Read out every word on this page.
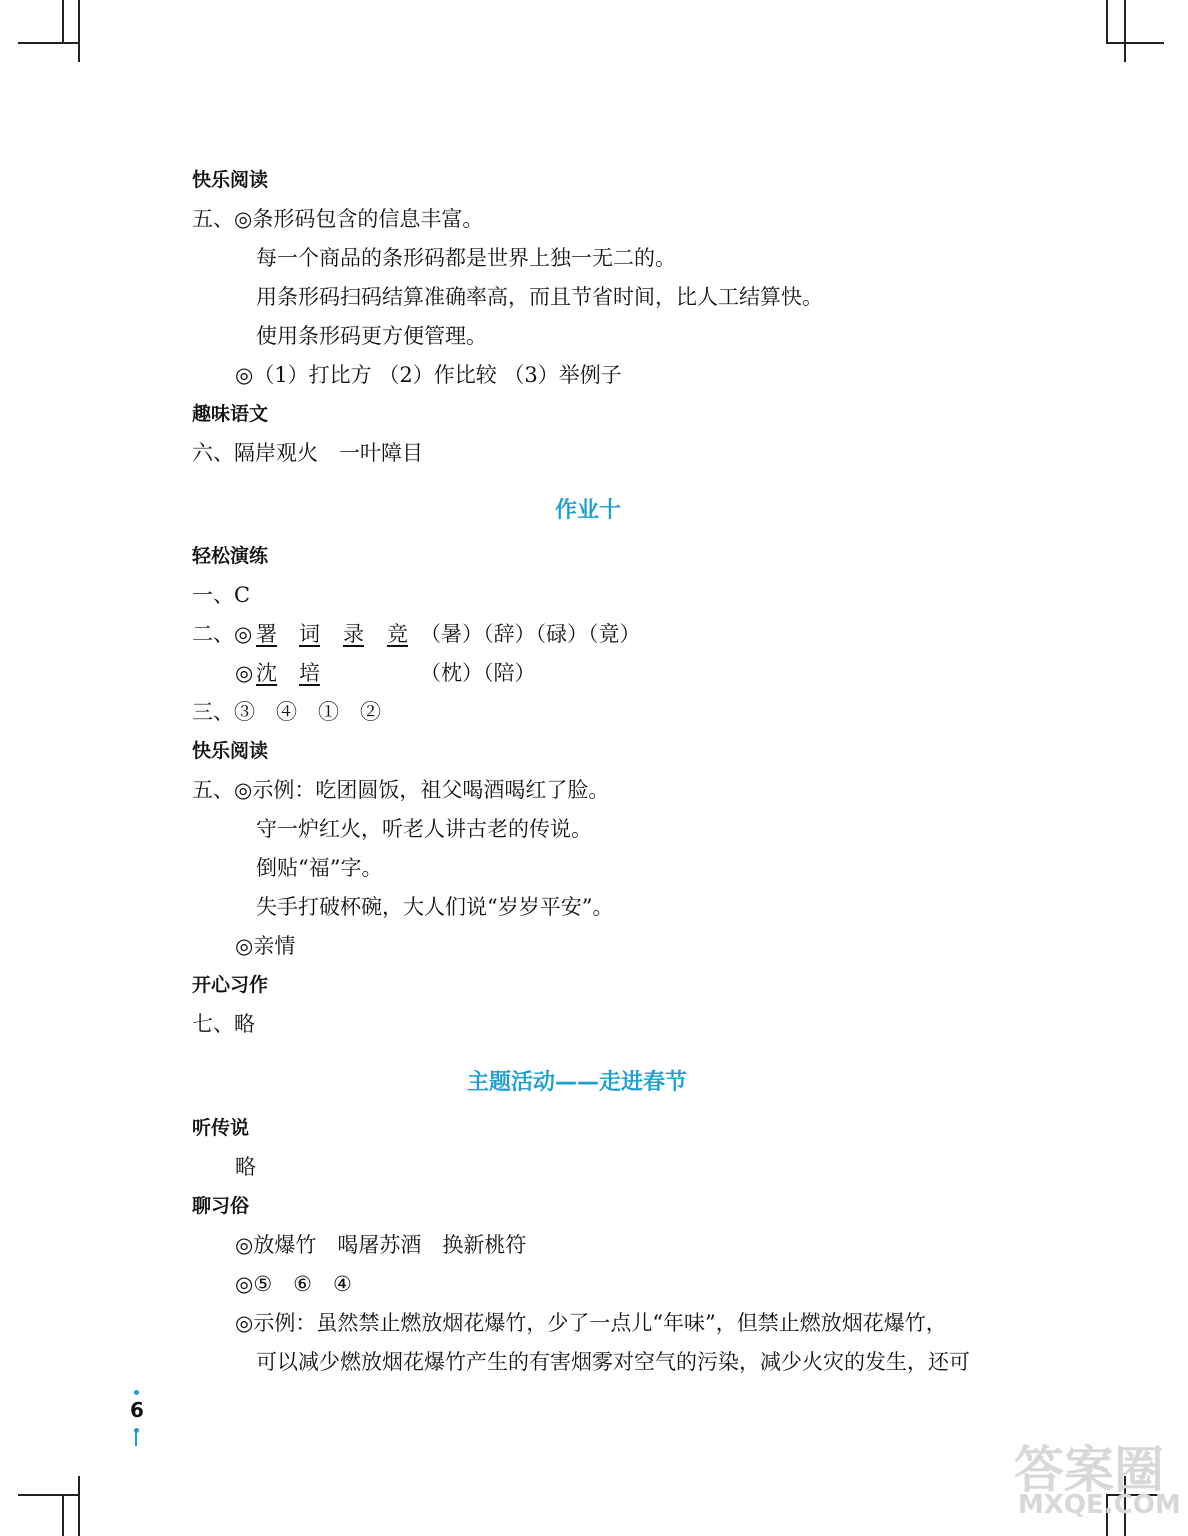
快乐阅读
五、◎条形码包含的信息丰富。
每一个商品的条形码都是世界上独一无二的。
用条形码扫码结算准确率高，而且节省时间，比人工结算快。
使用条形码更方便管理。
◎（1）打比方 （2）作比较 （3）举例子
趣味语文
六、隔岸观火　一叶障目
作业十
轻松演练
一、C
二、◎ 署 词 录 竞 （暑）（辞）（碌）（竟）
◎ 沈 培	（枕）（陪）
三、③　④　①　②
快乐阅读
五、◎示例：吃团圆饭，祖父喝酒喝红了脸。
守一炉红火，听老人讲古老的传说。
倒贴“福”字。
失手打破杯碗，大人们说“岁岁平安”。
◎亲情
开心习作
七、略
主题活动——走进春节
听传说
略
聊习俗
◎放爆竹　喝屠苏酒　换新桃符
◎⑤　⑥　④
◎示例：虽然禁止燃放烟花爆竹，少了一点儿“年味”，但禁止燃放烟花爆竹，
可以减少燃放烟花爆竹产生的有害烟雾对空气的污染，减少火灾的发生，还可
6
答案圈
MXQE.COM
